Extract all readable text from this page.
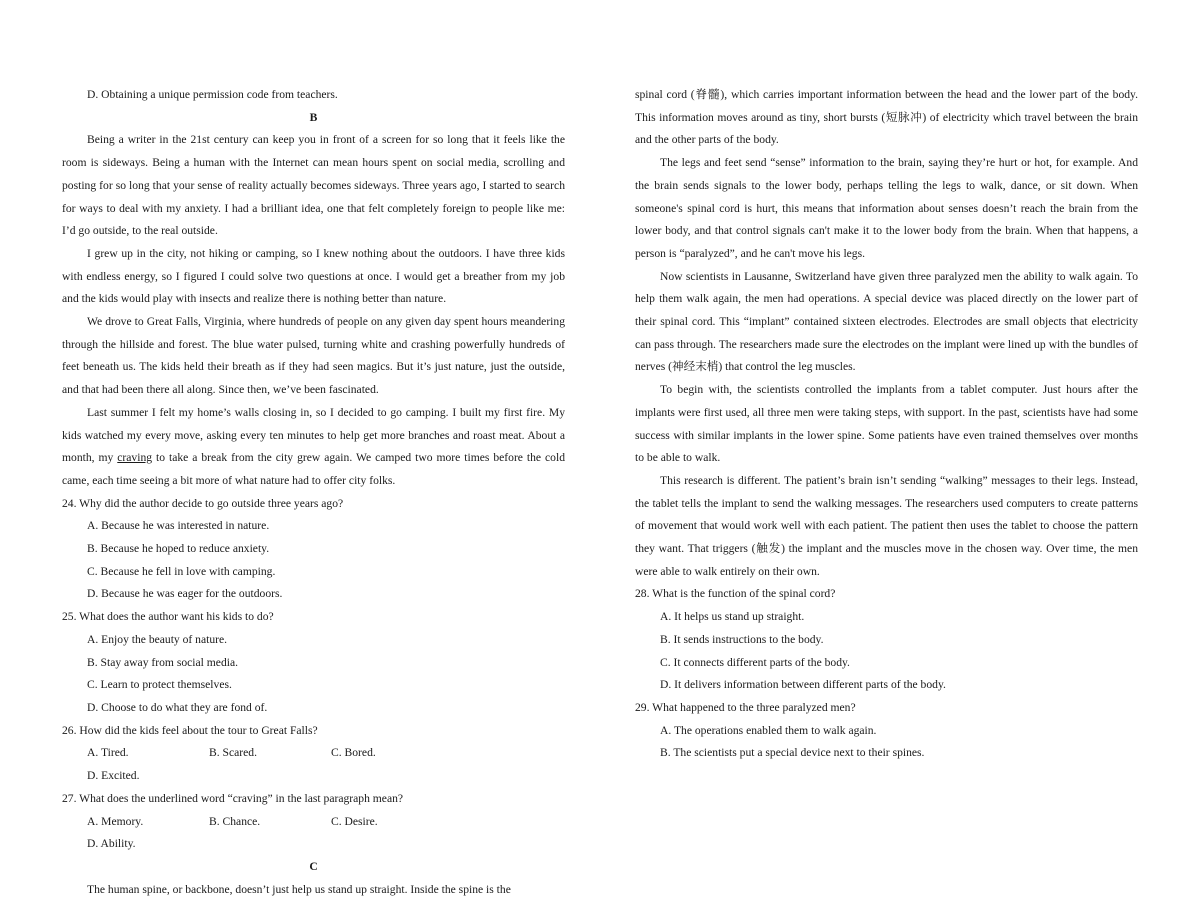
D. Obtaining a unique permission code from teachers.

B

Being a writer in the 21st century can keep you in front of a screen for so long that it feels like the room is sideways. Being a human with the Internet can mean hours spent on social media, scrolling and posting for so long that your sense of reality actually becomes sideways. Three years ago, I started to search for ways to deal with my anxiety. I had a brilliant idea, one that felt completely foreign to people like me: I’d go outside, to the real outside.

I grew up in the city, not hiking or camping, so I knew nothing about the outdoors. I have three kids with endless energy, so I figured I could solve two questions at once. I would get a breather from my job and the kids would play with insects and realize there is nothing better than nature.

We drove to Great Falls, Virginia, where hundreds of people on any given day spent hours meandering through the hillside and forest. The blue water pulsed, turning white and crashing powerfully hundreds of feet beneath us. The kids held their breath as if they had seen magics. But it’s just nature, just the outside, and that had been there all along. Since then, we’ve been fascinated.

Last summer I felt my home’s walls closing in, so I decided to go camping. I built my first fire. My kids watched my every move, asking every ten minutes to help get more branches and roast meat. About a month, my craving to take a break from the city grew again. We camped two more times before the cold came, each time seeing a bit more of what nature had to offer city folks.

24. Why did the author decide to go outside three years ago?

A. Because he was interested in nature.
B. Because he hoped to reduce anxiety.
C. Because he fell in love with camping.
D. Because he was eager for the outdoors.

25. What does the author want his kids to do?

A. Enjoy the beauty of nature.
B. Stay away from social media.
C. Learn to protect themselves.
D. Choose to do what they are fond of.

26. How did the kids feel about the tour to Great Falls?

A. Tired.	B. Scared.	C. Bored.
D. Excited.

27. What does the underlined word “craving” in the last paragraph mean?

A. Memory.	B. Chance.	C. Desire.
D. Ability.

C

The human spine, or backbone, doesn’t just help us stand up straight. Inside the spine is the

spinal cord (脊髓), which carries important information between the head and the lower part of the body. This information moves around as tiny, short bursts (短脉冲) of electricity which travel between the brain and the other parts of the body.

The legs and feet send “sense” information to the brain, saying they’re hurt or hot, for example. And the brain sends signals to the lower body, perhaps telling the legs to walk, dance, or sit down. When someone's spinal cord is hurt, this means that information about senses doesn’t reach the brain from the lower body, and that control signals can't make it to the lower body from the brain. When that happens, a person is “paralyzed”, and he can't move his legs.

Now scientists in Lausanne, Switzerland have given three paralyzed men the ability to walk again. To help them walk again, the men had operations. A special device was placed directly on the lower part of their spinal cord. This “implant” contained sixteen electrodes. Electrodes are small objects that electricity can pass through. The researchers made sure the electrodes on the implant were lined up with the bundles of nerves (神经末梢) that control the leg muscles.

To begin with, the scientists controlled the implants from a tablet computer. Just hours after the implants were first used, all three men were taking steps, with support. In the past, scientists have had some success with similar implants in the lower spine. Some patients have even trained themselves over months to be able to walk.

This research is different. The patient’s brain isn’t sending “walking” messages to their legs. Instead, the tablet tells the implant to send the walking messages. The researchers used computers to create patterns of movement that would work well with each patient. The patient then uses the tablet to choose the pattern they want. That triggers (触发) the implant and the muscles move in the chosen way. Over time, the men were able to walk entirely on their own.

28. What is the function of the spinal cord?

A. It helps us stand up straight.
B. It sends instructions to the body.
C. It connects different parts of the body.
D. It delivers information between different parts of the body.

29. What happened to the three paralyzed men?

A. The operations enabled them to walk again.
B. The scientists put a special device next to their spines.
